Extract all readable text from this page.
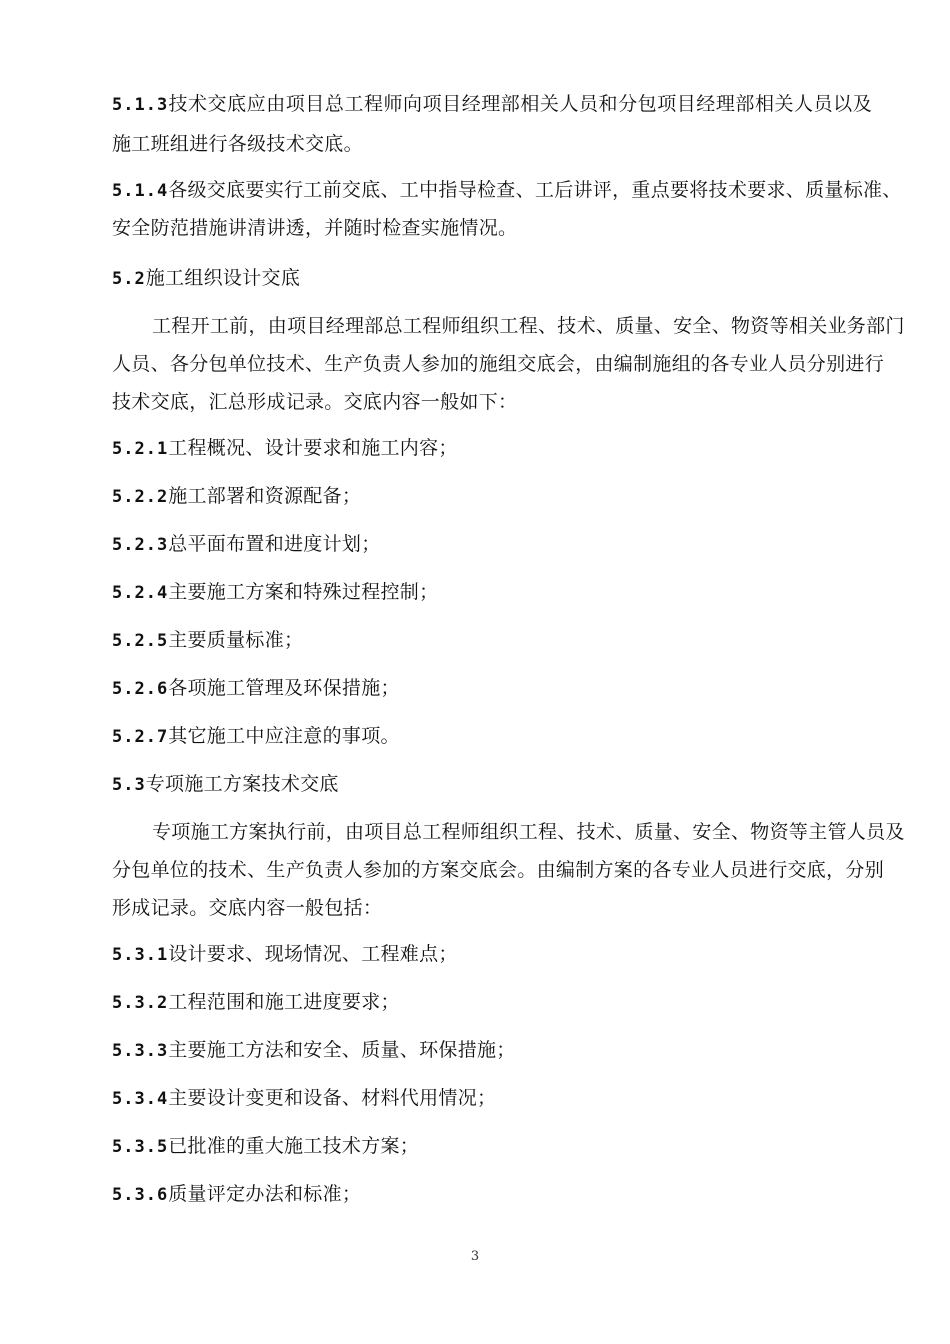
5.1.3技术交底应由项目总工程师向项目经理部相关人员和分包项目经理部相关人员以及
施工班组进行各级技术交底。
5.1.4各级交底要实行工前交底、工中指导检查、工后讲评，重点要将技术要求、质量标准、
安全防范措施讲清讲透，并随时检查实施情况。
5.2施工组织设计交底
工程开工前，由项目经理部总工程师组织工程、技术、质量、安全、物资等相关业务部门
人员、各分包单位技术、生产负责人参加的施组交底会，由编制施组的各专业人员分别进行
技术交底，汇总形成记录。交底内容一般如下：
5.2.1工程概况、设计要求和施工内容；
5.2.2施工部署和资源配备；
5.2.3总平面布置和进度计划；
5.2.4主要施工方案和特殊过程控制；
5.2.5主要质量标准；
5.2.6各项施工管理及环保措施；
5.2.7其它施工中应注意的事项。
5.3专项施工方案技术交底
专项施工方案执行前，由项目总工程师组织工程、技术、质量、安全、物资等主管人员及
分包单位的技术、生产负责人参加的方案交底会。由编制方案的各专业人员进行交底，分别
形成记录。交底内容一般包括：
5.3.1设计要求、现场情况、工程难点；
5.3.2工程范围和施工进度要求；
5.3.3主要施工方法和安全、质量、环保措施；
5.3.4主要设计变更和设备、材料代用情况；
5.3.5已批准的重大施工技术方案；
5.3.6质量评定办法和标准；
3
